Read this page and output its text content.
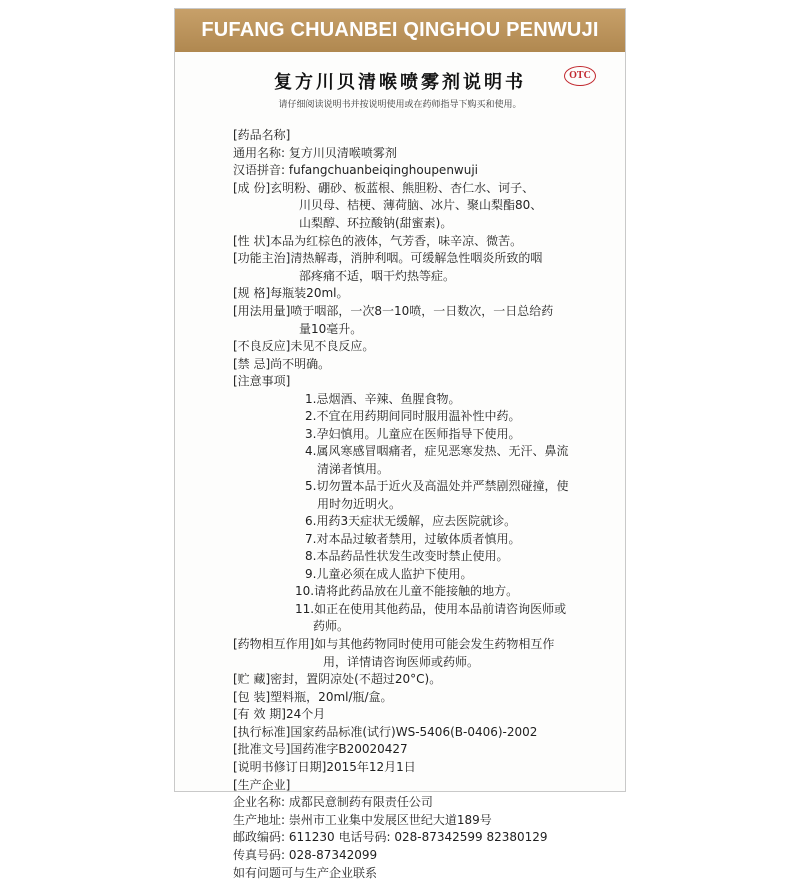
FUFANG CHUANBEI QINGHOU PENWUJI
复方川贝清喉喷雾剂说明书	OTC
请仔细阅读说明书并按说明使用或在药师指导下购买和使用。
[药品名称]
通用名称: 复方川贝清喉喷雾剂
汉语拼音: fufangchuanbeiqinghoupenwuji
[成 份]玄明粉、硼砂、板蓝根、熊胆粉、杏仁水、诃子、
川贝母、桔梗、薄荷脑、冰片、聚山梨酯80、
山梨醇、环拉酸钠(甜蜜素)。
[性 状]本品为红棕色的液体，气芳香，味辛凉、微苦。
[功能主治]清热解毒，消肿利咽。可缓解急性咽炎所致的咽
部疼痛不适，咽干灼热等症。
[规 格]每瓶装20ml。
[用法用量]喷于咽部，一次8一10喷，一日数次，一日总给药
量10毫升。
[不良反应]未见不良反应。
[禁 忌]尚不明确。
[注意事项]
1.忌烟酒、辛辣、鱼腥食物。
2.不宜在用药期间同时服用温补性中药。
3.孕妇慎用。儿童应在医师指导下使用。
4.属风寒感冒咽痛者，症见恶寒发热、无汗、鼻流
清涕者慎用。
5.切勿置本品于近火及高温处并严禁剧烈碰撞，使
用时勿近明火。
6.用药3天症状无缓解，应去医院就诊。
7.对本品过敏者禁用，过敏体质者慎用。
8.本品药品性状发生改变时禁止使用。
9.儿童必须在成人监护下使用。
10.请将此药品放在儿童不能接触的地方。
11.如正在使用其他药品，使用本品前请咨询医师或
药师。
[药物相互作用]如与其他药物同时使用可能会发生药物相互作
用，详情请咨询医师或药师。
[贮 藏]密封，置阴凉处(不超过20°C)。
[包 装]塑料瓶，20ml/瓶/盒。
[有 效 期]24个月
[执行标准]国家药品标准(试行)WS-5406(B-0406)-2002
[批准文号]国药准字B20020427
[说明书修订日期]2015年12月1日
[生产企业]
企业名称: 成都民意制药有限责任公司
生产地址: 崇州市工业集中发展区世纪大道189号
邮政编码: 611230 电话号码: 028-87342599 82380129
传真号码: 028-87342099
如有问题可与生产企业联系
